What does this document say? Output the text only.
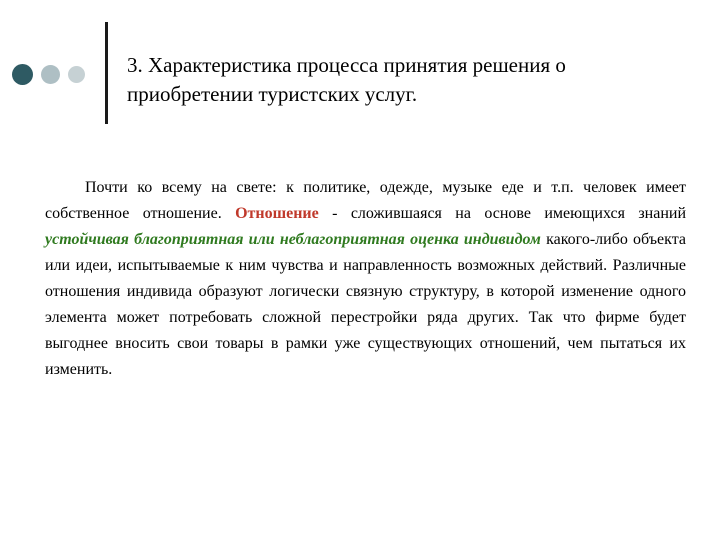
3. Характеристика процесса принятия решения о
приобретении туристских услуг.
Почти ко всему на свете: к политике, одежде, музыке еде и т.п. человек имеет собственное отношение. Отношение - сложившаяся на основе имеющихся знаний устойчивая благоприятная или неблагоприятная оценка индивидом какого-либо объекта или идеи, испытываемые к ним чувства и направленность возможных действий. Различные отношения индивида образуют логически связную структуру, в которой изменение одного элемента может потребовать сложной перестройки ряда других. Так что фирме будет выгоднее вносить свои товары в рамки уже существующих отношений, чем пытаться их изменить.
